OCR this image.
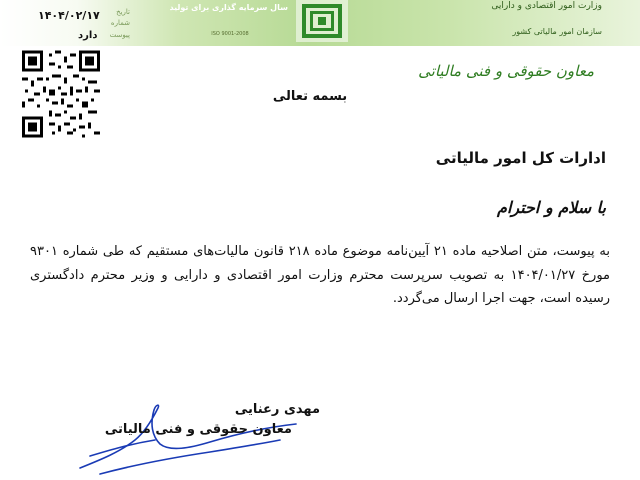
سال سرمایه گذاری برای تولید
ISO 9001-2008
وزارت امور اقتصادی و دارایی
سازمان امور مالیاتی کشور
۱۴۰۴/۰۲/۱۷	تاریخ
شماره
پیوست
دارد
معاون حقوقی و فنی مالیاتی
بسمه تعالی
ادارات کل امور مالیاتی
با سلام و احترام
به پیوست، متن اصلاحیه ماده ۲۱ آیین‌نامه موضوع ماده ۲۱۸ قانون مالیات‌های مستقیم که طی شماره ۹۳۰۱ مورخ ۱۴۰۴/۰۱/۲۷ به تصویب سرپرست محترم وزارت امور اقتصادی و دارایی و وزیر محترم دادگستری رسیده است، جهت اجرا ارسال می‌گردد.
مهدی رعنایی
معاون حقوقی و فنی مالیاتی
